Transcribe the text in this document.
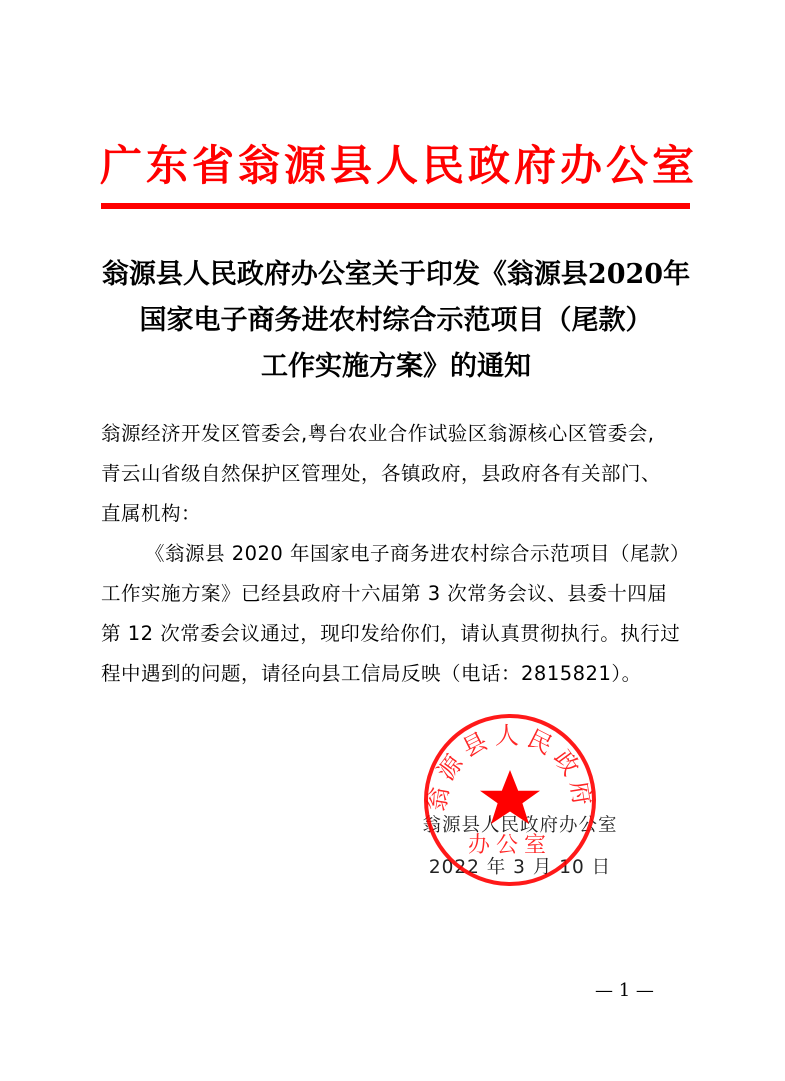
广东省翁源县人民政府办公室
翁源县人民政府办公室关于印发《翁源县2020年
国家电子商务进农村综合示范项目（尾款）
工作实施方案》的通知
翁源经济开发区管委会,粤台农业合作试验区翁源核心区管委会,
青云山省级自然保护区管理处，各镇政府，县政府各有关部门、
直属机构：
《翁源县 2020 年国家电子商务进农村综合示范项目（尾款）
工作实施方案》已经县政府十六届第 3 次常务会议、县委十四届
第 12 次常委会议通过，现印发给你们，请认真贯彻执行。执行过
程中遇到的问题，请径向县工信局反映（电话：2815821）。
翁源县人民政府办公室
2022 年 3 月 10 日
翁源县人民政府
办公室
— 1 —
